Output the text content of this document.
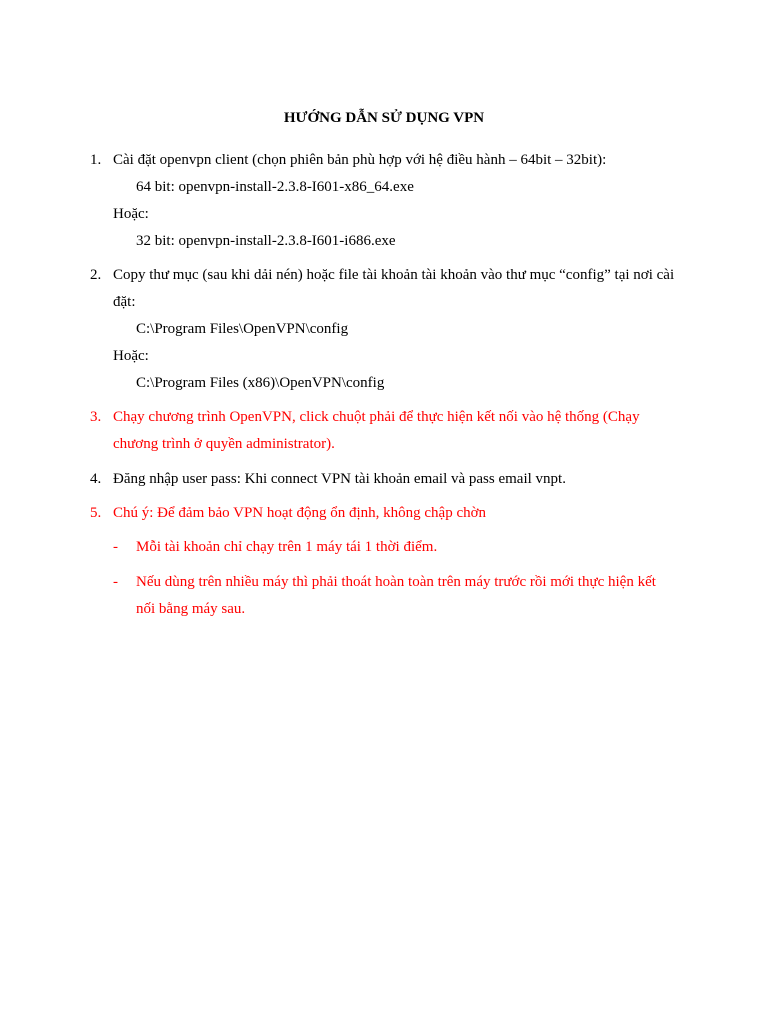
HƯỚNG DẪN SỬ DỤNG VPN
1. Cài đặt openvpn client (chọn phiên bản phù hợp với hệ điều hành – 64bit – 32bit):
64 bit: openvpn-install-2.3.8-I601-x86_64.exe
Hoặc:
32 bit: openvpn-install-2.3.8-I601-i686.exe
2. Copy thư mục (sau khi dải nén) hoặc file tài khoản tài khoản vào thư mục “config” tại nơi cài
đặt:
C:\Program Files\OpenVPN\config
Hoặc:
C:\Program Files (x86)\OpenVPN\config
3. Chạy chương trình OpenVPN, click chuột phải để thực hiện kết nối vào hệ thống (Chạy
chương trình ở quyền administrator).
4. Đăng nhập user pass: Khi connect VPN tài khoản email và pass email vnpt.
5. Chú ý: Để đảm bảo VPN hoạt động ổn định, không chập chờn
- Mỗi tài khoản chỉ chạy trên 1 máy tái 1 thời điểm.
- Nếu dùng trên nhiều máy thì phải thoát hoàn toàn trên máy trước rồi mới thực hiện kết
nối bằng máy sau.
